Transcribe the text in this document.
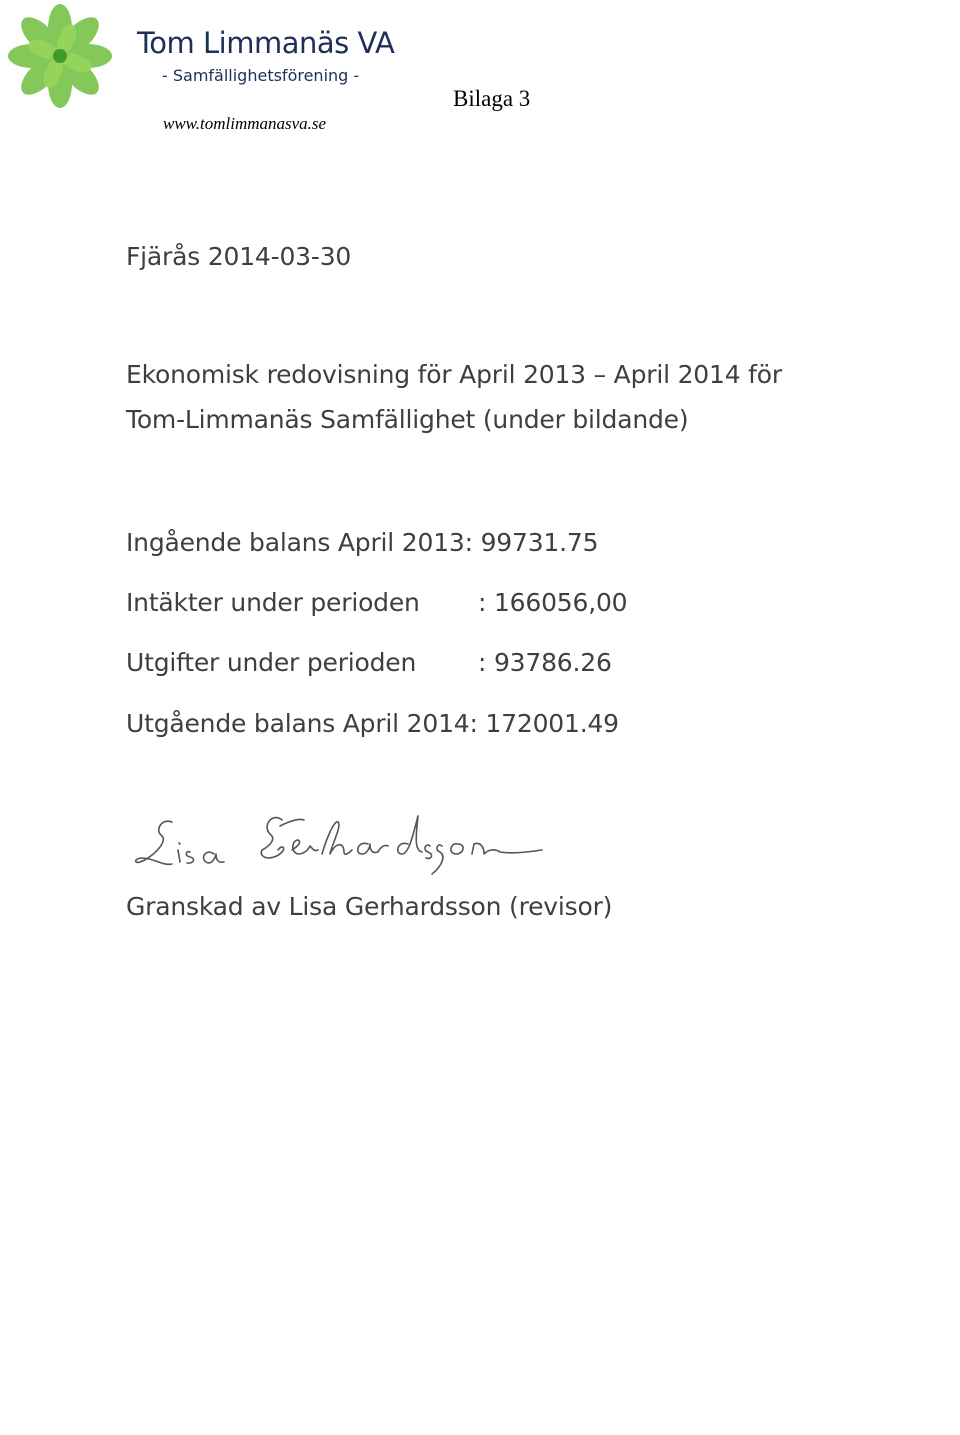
Tom Limmanäs VA
- Samfällighetsförening -
www.tomlimmanasva.se
Bilaga 3
Fjärås 2014-03-30
Ekonomisk redovisning för April 2013 – April 2014 för
Tom-Limmanäs Samfällighet (under bildande)
Ingående balans April 2013: 99731.75
Intäkter under perioden : 166056,00
Utgifter under perioden : 93786.26
Utgående balans April 2014: 172001.49
Granskad av Lisa Gerhardsson (revisor)
